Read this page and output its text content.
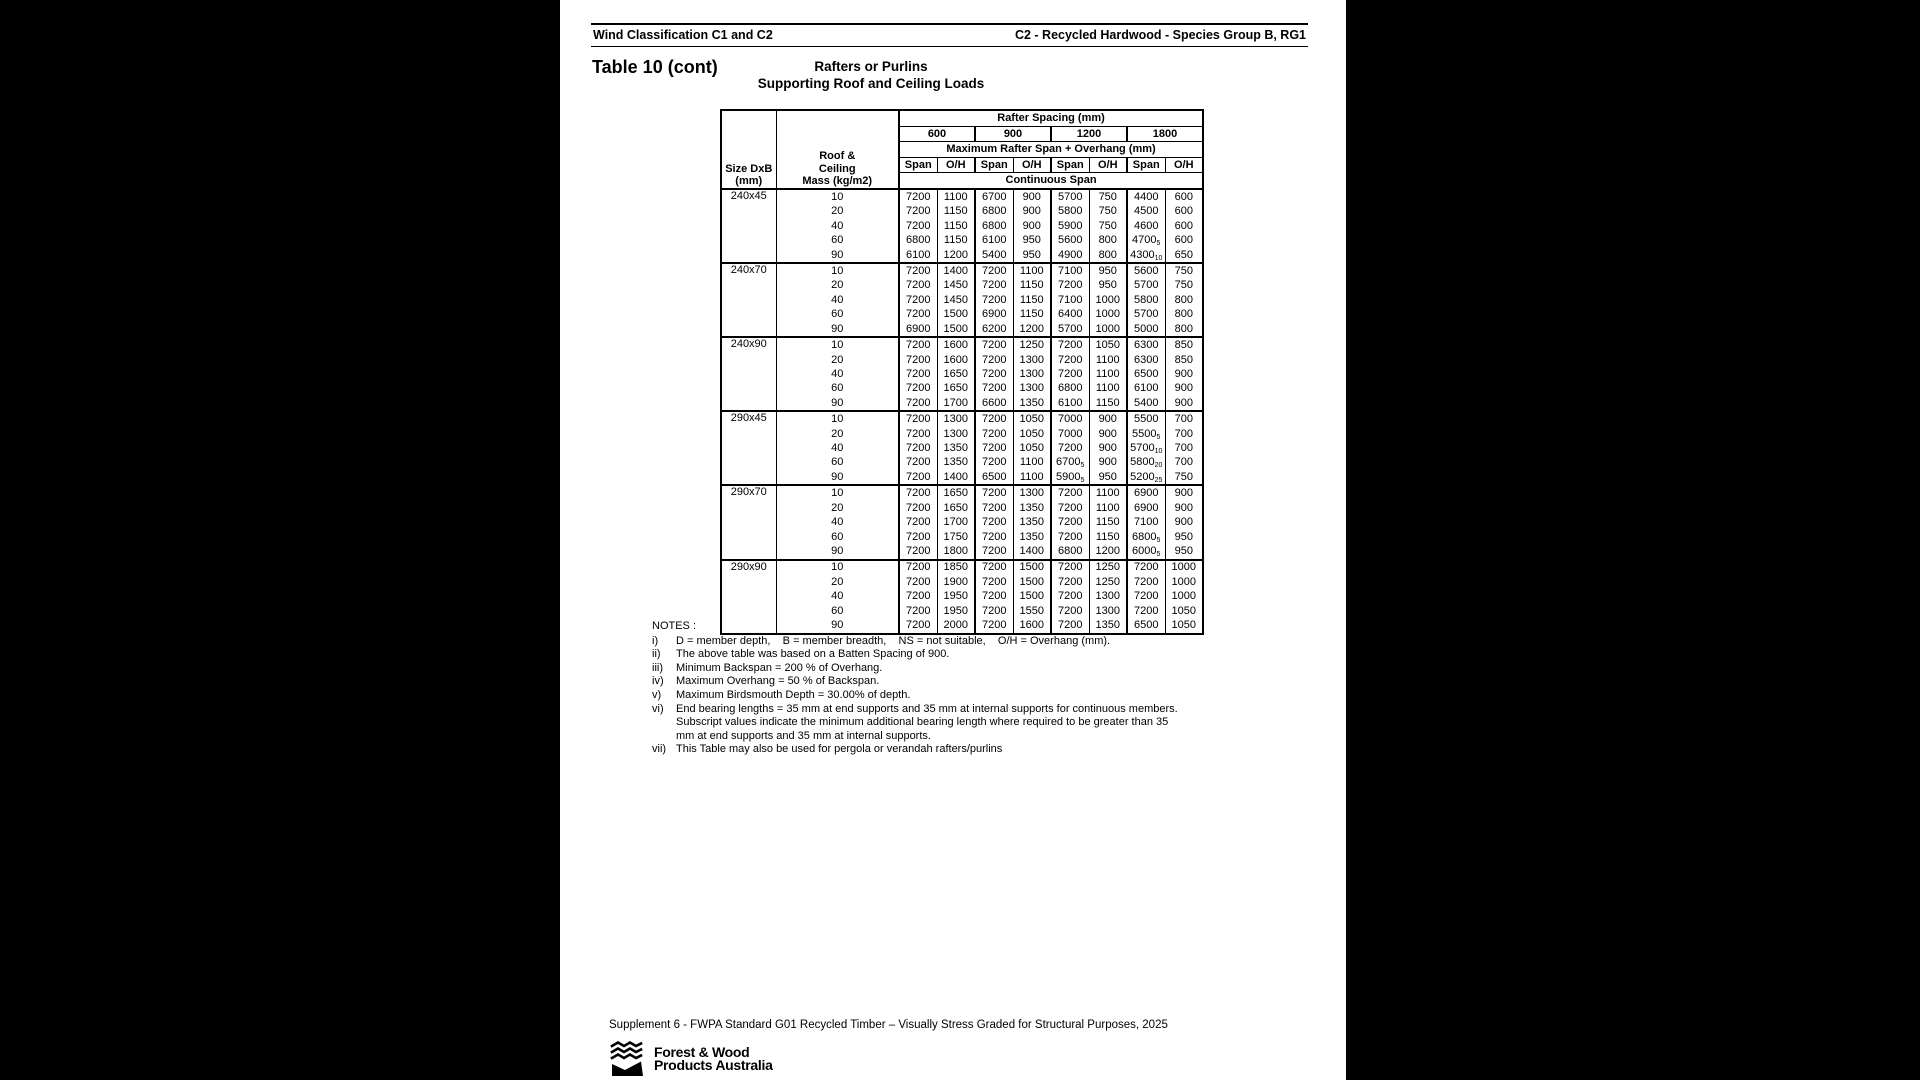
Wind Classification C1 and C2	C2 - Recycled Hardwood - Species Group B, RG1
Table 10 (cont)	Rafters or Purlins
Supporting Roof and Ceiling Loads
Size DxB
(mm)

Roof &
Ceiling
Mass (kg/m2)
	Rafter Spacing (mm)
		600		900		1200		1800	
		Maximum Rafter Span + Overhang (mm)							
		Span	O/H	Span	O/H	Span	O/H	Span	O/H
		Continuous Span							
240x45	10	7200	1100	6700	900	5700	750	4400	600
	20	7200	1150	6800	900	5800	750	4500	600
	40	7200	1150	6800	900	5900	750	4600	600
	60	6800	1150	6100	950	5600	800	$4700_5$	600
	90	6100	1200	5400	950	4900	800	$4300_{10}$	650
240x70	10	7200	1400	7200	1100	7100	950	5600	750
	20	7200	1450	7200	1150	7200	950	5700	750
	40	7200	1450	7200	1150	7100	1000	5800	800
	60	7200	1500	6900	1150	6400	1000	5700	800
	90	6900	1500	6200	1200	5700	1000	5000	800
240x90	10	7200	1600	7200	1250	7200	1050	6300	850
	20	7200	1600	7200	1300	7200	1100	6300	850
	40	7200	1650	7200	1300	7200	1100	6500	900
	60	7200	1650	7200	1300	6800	1100	6100	900
	90	7200	1700	6600	1350	6100	1150	5400	900
290x45	10	7200	1300	7200	1050	7000	900	5500	700
	20	7200	1300	7200	1050	7000	900	$5500_5$	700
	40	7200	1350	7200	1050	7200	900	$5700_{10}$	700
	60	7200	1350	7200	1100	$6700_5$	900	$5800_{20}$	700
	90	7200	1400	6500	1100	$5900_5$	950	$5200_{25}$	750
290x70	10	7200	1650	7200	1300	7200	1100	6900	900
	20	7200	1650	7200	1350	7200	1100	6900	900
	40	7200	1700	7200	1350	7200	1150	7100	900
	60	7200	1750	7200	1350	7200	1150	$6800_5$	950
	90	7200	1800	7200	1400	6800	1200	$6000_5$	950
290x90	10	7200	1850	7200	1500	7200	1250	7200	1000
	20	7200	1900	7200	1500	7200	1250	7200	1000
	40	7200	1950	7200	1500	7200	1300	7200	1000
	60	7200	1950	7200	1550	7200	1300	7200	1050
	90	7200	2000	7200	1600	7200	1350	6500	1050
NOTES :
i)	D = member depth,    B = member breadth,    NS = not suitable,    O/H = Overhang (mm).
ii)	The above table was based on a Batten Spacing of 900.
iii)	Minimum Backspan = 200 % of Overhang.
iv)	Maximum Overhang = 50 % of Backspan.
v)	Maximum Birdsmouth Depth = 30.00% of depth.
vi)	End bearing lengths = 35 mm at end supports and 35 mm at internal supports for continuous members. Subscript values indicate the minimum additional bearing length where required to be greater than 35 mm at end supports and 35 mm at internal supports.
vii) This Table may also be used for pergola or verandah rafters/purlins
Supplement 6 - FWPA Standard G01 Recycled Timber – Visually Stress Graded for Structural Purposes, 2025
Forest & Wood
Products Australia
